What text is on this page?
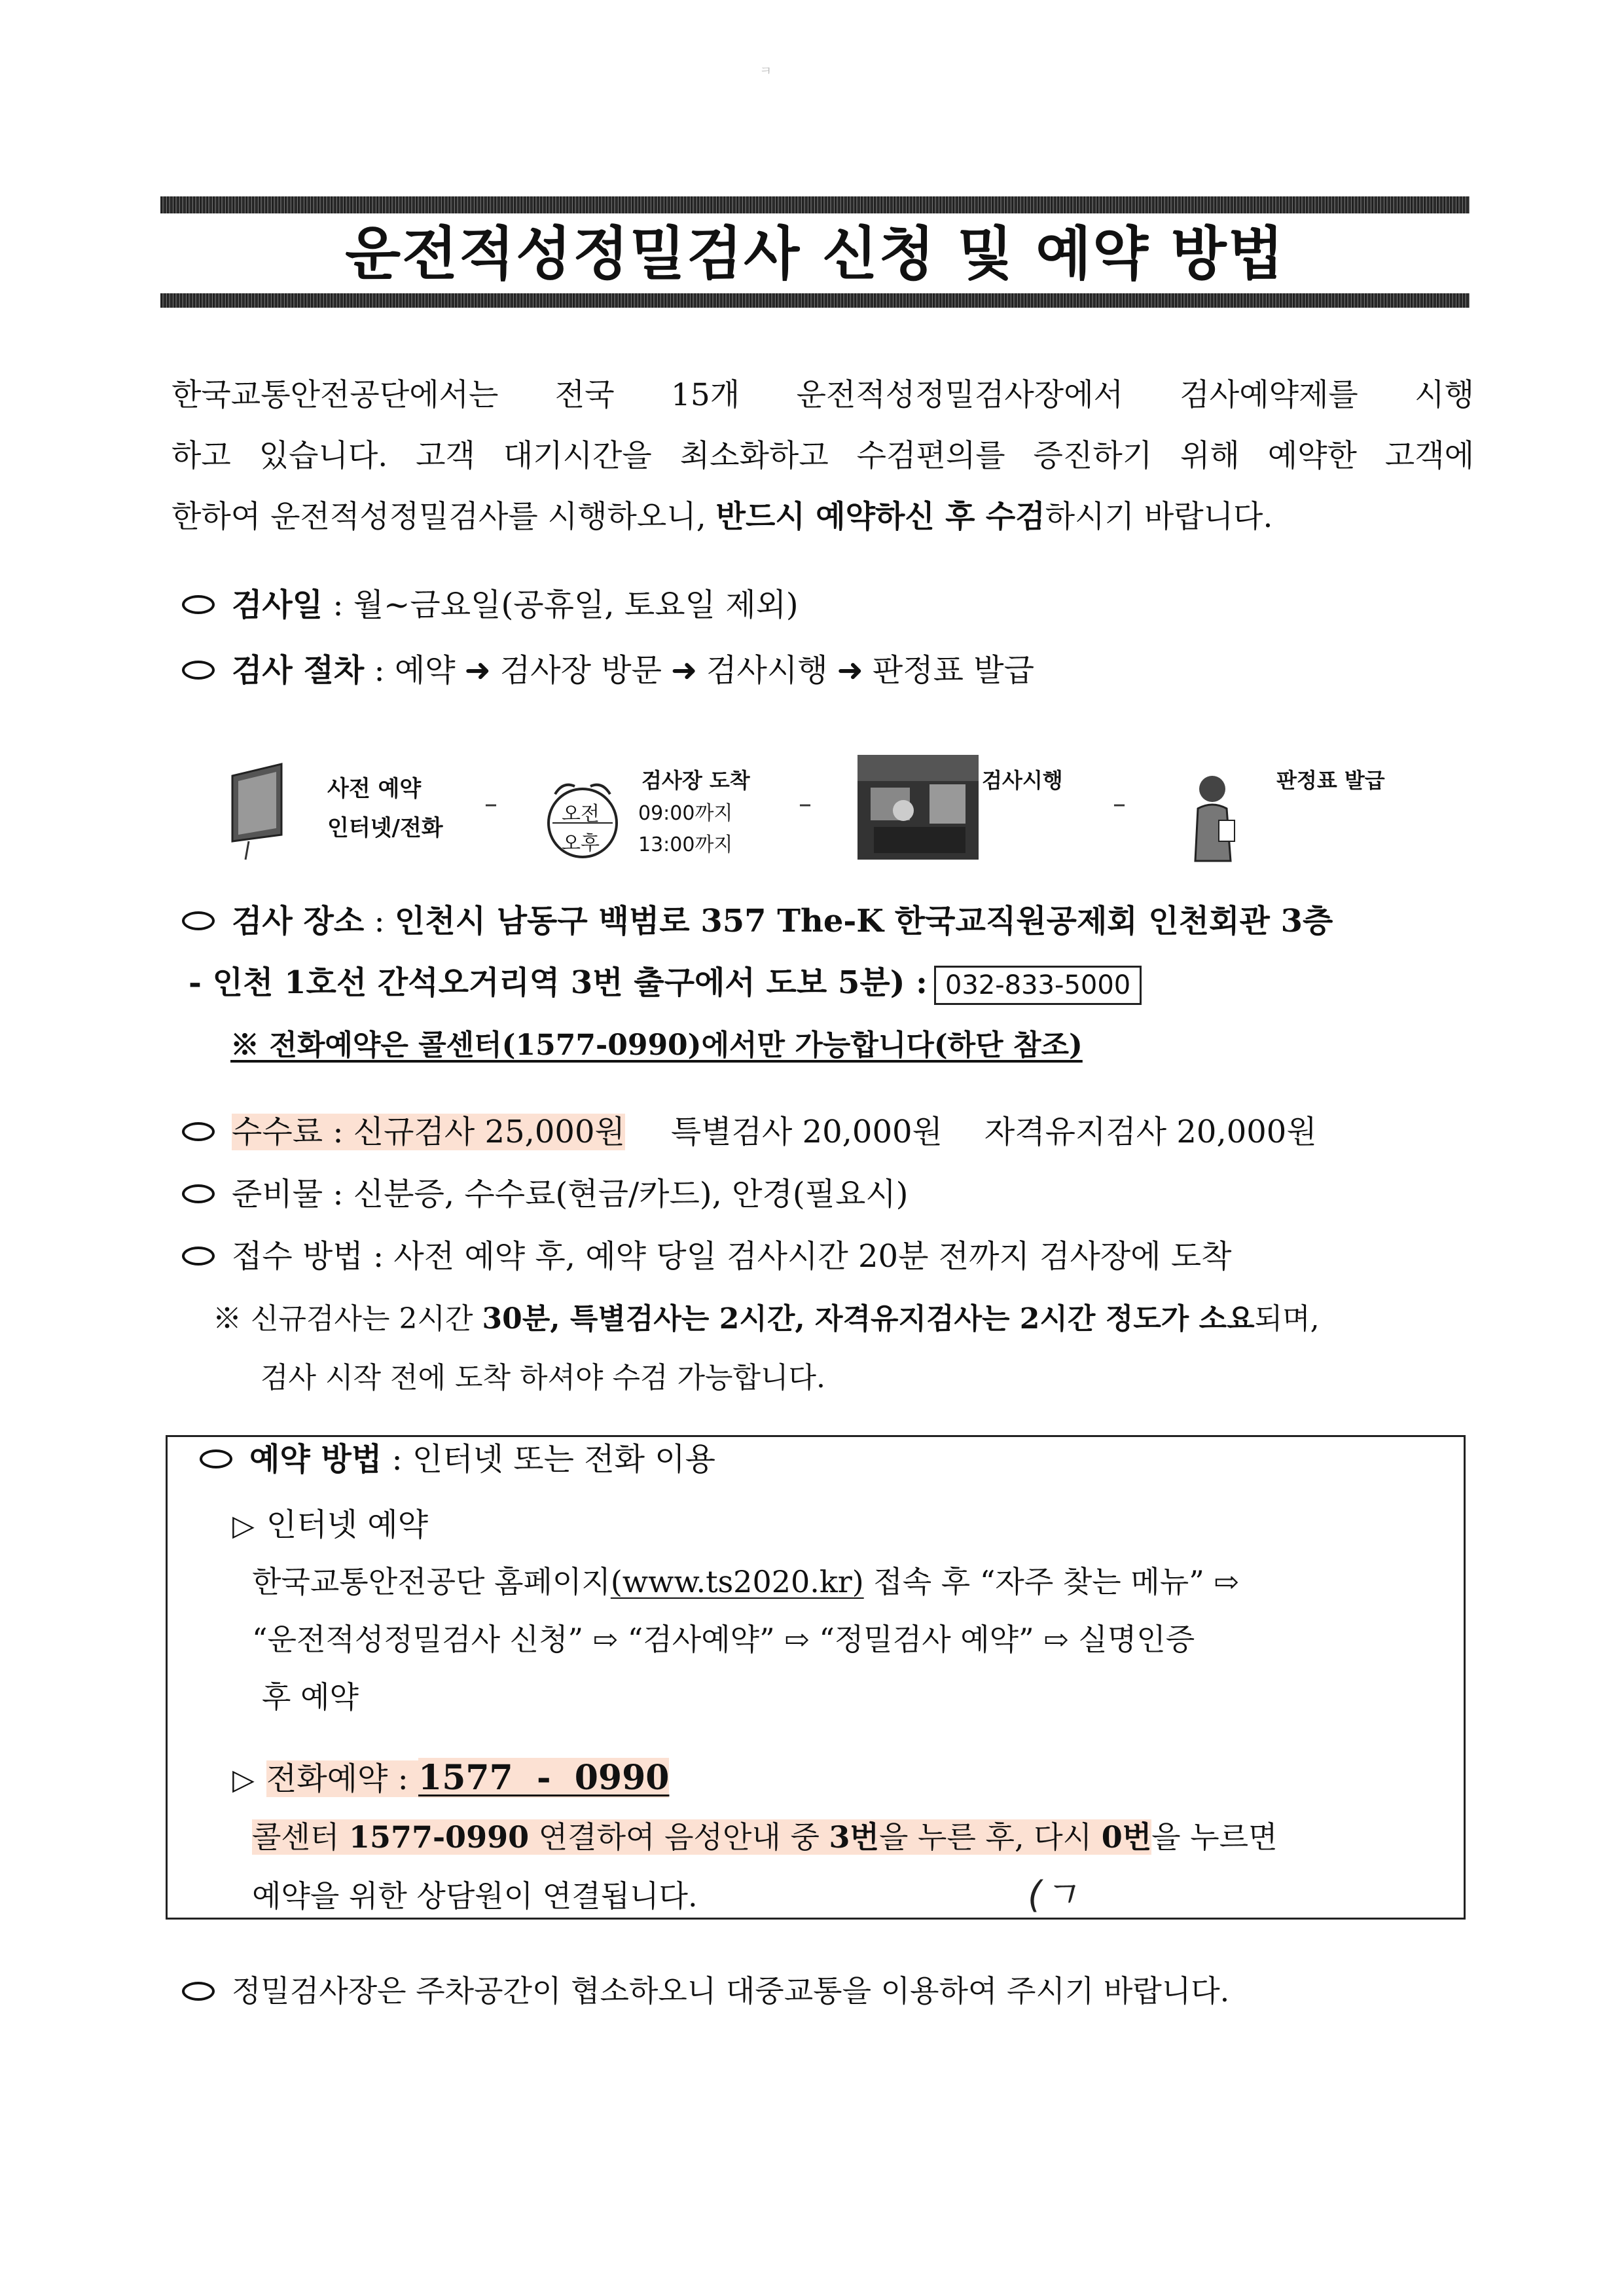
ㅋ
운전적성정밀검사 신청 및 예약 방법
한국교통안전공단에서는 전국 15개 운전적성정밀검사장에서 검사예약제를 시행
하고 있습니다. 고객 대기시간을 최소화하고 수검편의를 증진하기 위해 예약한 고객에
한하여 운전적성정밀검사를 시행하오니, 반드시 예약하신 후 수검하시기 바랍니다.
검사일 : 월~금요일(공휴일, 토요일 제외)
검사 절차 : 예약 ➜ 검사장 방문 ➜ 검사시행 ➜ 판정표 발급
사전 예약
인터넷/전화
–	오전
오후
검사장 도착
09:00까지
13:00까지
–
검사시행
–
판정표 발급
검사 장소 : 인천시 남동구 백범로 357 The-K 한국교직원공제회 인천회관 3층
- 인천 1호선 간석오거리역 3번 출구에서 도보 5분) : 032-833-5000
※ 전화예약은 콜센터(1577-0990)에서만 가능합니다(하단 참조)
수수료 : 신규검사 25,000원 특별검사 20,000원 자격유지검사 20,000원
준비물 : 신분증, 수수료(현금/카드), 안경(필요시)
접수 방법 : 사전 예약 후, 예약 당일 검사시간 20분 전까지 검사장에 도착
※ 신규검사는 2시간 30분, 특별검사는 2시간, 자격유지검사는 2시간 정도가 소요되며,
검사 시작 전에 도착 하셔야 수검 가능합니다.
예약 방법 : 인터넷 또는 전화 이용
▷ 인터넷 예약
한국교통안전공단 홈페이지(www.ts2020.kr) 접속 후 “자주 찾는 메뉴” ⇨
“운전적성정밀검사 신청” ⇨ “검사예약” ⇨ “정밀검사 예약” ⇨ 실명인증
후 예약
▷ 전화예약 : 1577  -  0990
콜센터 1577-0990 연결하여 음성안내 중 3번을 누른 후, 다시 0번을 누르면
예약을 위한 상담원이 연결됩니다.	(ㄱ
정밀검사장은 주차공간이 협소하오니 대중교통을 이용하여 주시기 바랍니다.
